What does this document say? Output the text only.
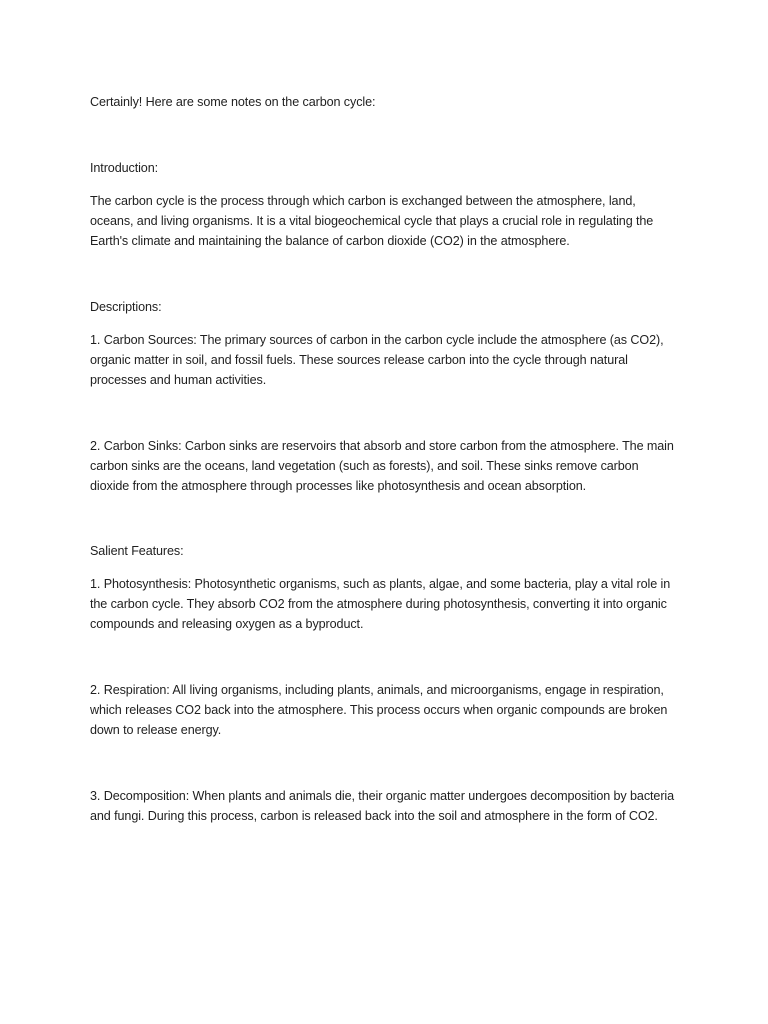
Certainly! Here are some notes on the carbon cycle:

Introduction:

The carbon cycle is the process through which carbon is exchanged between the atmosphere, land, oceans, and living organisms. It is a vital biogeochemical cycle that plays a crucial role in regulating the Earth's climate and maintaining the balance of carbon dioxide (CO2) in the atmosphere.

Descriptions:

1. Carbon Sources: The primary sources of carbon in the carbon cycle include the atmosphere (as CO2), organic matter in soil, and fossil fuels. These sources release carbon into the cycle through natural processes and human activities.

2. Carbon Sinks: Carbon sinks are reservoirs that absorb and store carbon from the atmosphere. The main carbon sinks are the oceans, land vegetation (such as forests), and soil. These sinks remove carbon dioxide from the atmosphere through processes like photosynthesis and ocean absorption.

Salient Features:

1. Photosynthesis: Photosynthetic organisms, such as plants, algae, and some bacteria, play a vital role in the carbon cycle. They absorb CO2 from the atmosphere during photosynthesis, converting it into organic compounds and releasing oxygen as a byproduct.

2. Respiration: All living organisms, including plants, animals, and microorganisms, engage in respiration, which releases CO2 back into the atmosphere. This process occurs when organic compounds are broken down to release energy.

3. Decomposition: When plants and animals die, their organic matter undergoes decomposition by bacteria and fungi. During this process, carbon is released back into the soil and atmosphere in the form of CO2.
